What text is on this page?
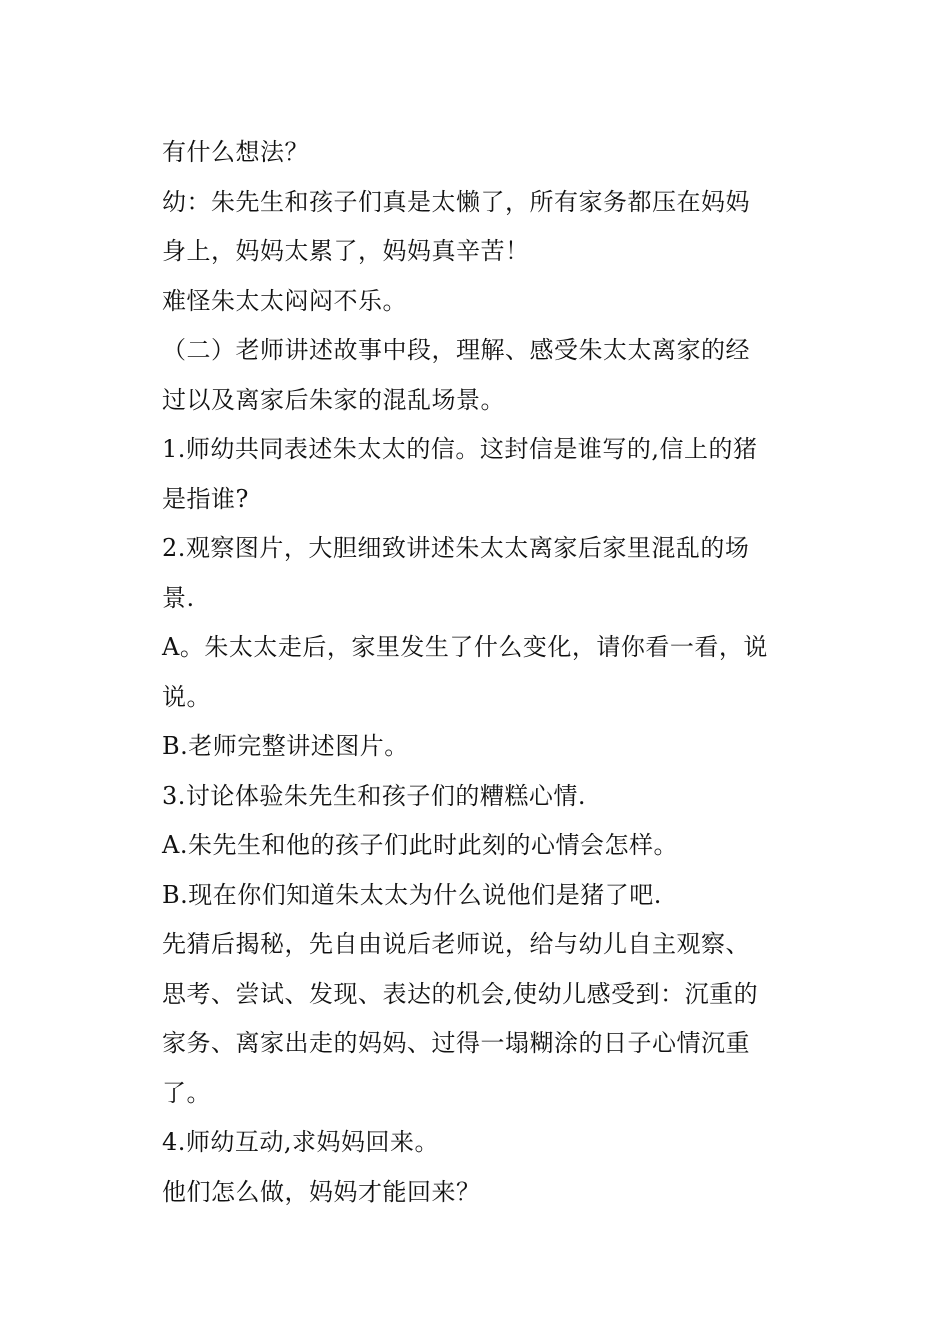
有什么想法？
幼：朱先生和孩子们真是太懒了，所有家务都压在妈妈
身上，妈妈太累了，妈妈真辛苦！
难怪朱太太闷闷不乐。
（二）老师讲述故事中段，理解、感受朱太太离家的经
过以及离家后朱家的混乱场景。
1.师幼共同表述朱太太的信。这封信是谁写的,信上的猪
是指谁?
2.观察图片，大胆细致讲述朱太太离家后家里混乱的场
景.
A。朱太太走后，家里发生了什么变化，请你看一看，说
说。
B.老师完整讲述图片。
3.讨论体验朱先生和孩子们的糟糕心情.
A.朱先生和他的孩子们此时此刻的心情会怎样。
B.现在你们知道朱太太为什么说他们是猪了吧.
先猜后揭秘，先自由说后老师说，给与幼儿自主观察、
思考、尝试、发现、表达的机会,使幼儿感受到：沉重的
家务、离家出走的妈妈、过得一塌糊涂的日子心情沉重
了。
4.师幼互动,求妈妈回来。
他们怎么做，妈妈才能回来？
